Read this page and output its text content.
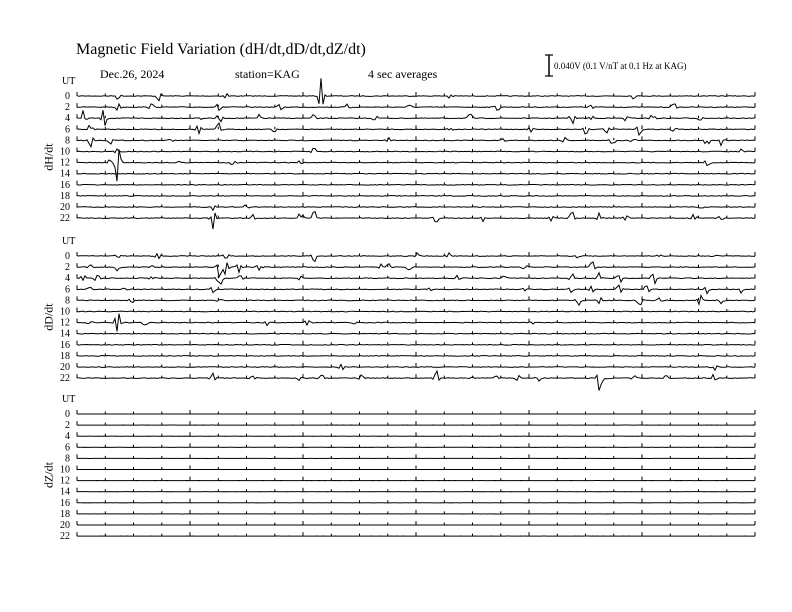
Magnetic Field Variation (dH/dt,dD/dt,dZ/dt)
Dec.26, 2024	station=KAG	4 sec averages
0.040V (0.1 V/nT at 0.1 Hz at KAG)
UT
dH/dt
0
2
4
6
8
10
12
14
16
18
20
22
UT
dD/dt
0
2
4
6
8
10
12
14
16
18
20
22
UT
dZ/dt
0
2
4
6
8
10
12
14
16
18
20
22
